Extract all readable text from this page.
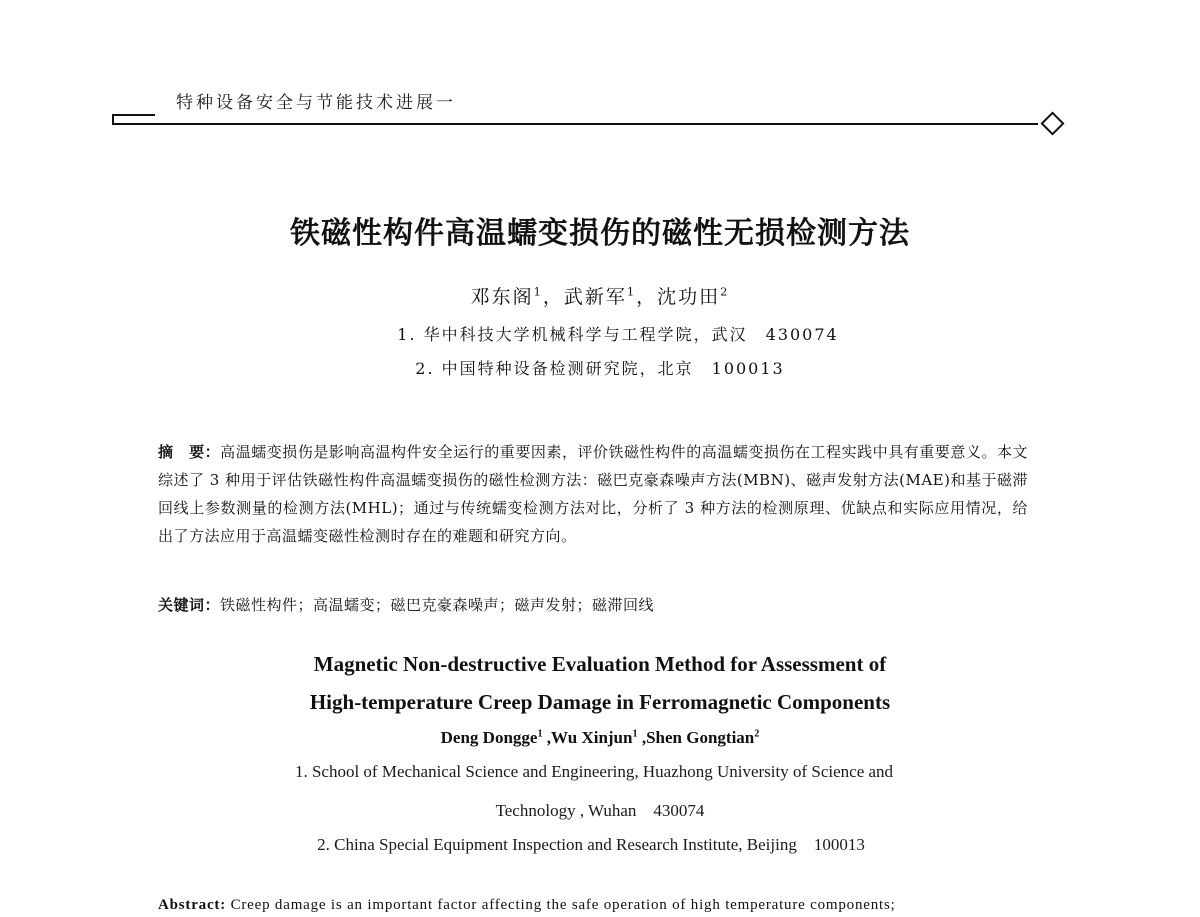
特种设备安全与节能技术进展一
铁磁性构件高温蠕变损伤的磁性无损检测方法
邓东阁$^1$，武新军$^1$，沈功田$^2$
1. 华中科技大学机械科学与工程学院，武汉　430074
2. 中国特种设备检测研究院，北京　100013
摘　要：高温蠕变损伤是影响高温构件安全运行的重要因素，评价铁磁性构件的高温蠕变损伤在工程实践中具有重要意义。本文综述了 3 种用于评估铁磁性构件高温蠕变损伤的磁性检测方法：磁巴克豪森噪声方法(MBN)、磁声发射方法(MAE)和基于磁滞回线上参数测量的检测方法(MHL)；通过与传统蠕变检测方法对比，分析了 3 种方法的检测原理、优缺点和实际应用情况，给出了方法应用于高温蠕变磁性检测时存在的难题和研究方向。
关键词：铁磁性构件；高温蠕变；磁巴克豪森噪声；磁声发射；磁滞回线
Magnetic Non-destructive Evaluation Method for Assessment of
High-temperature Creep Damage in Ferromagnetic Components
Deng Dongge$^1$ ,Wu Xinjun$^1$ ,Shen Gongtian$^2$
1. School of Mechanical Science and Engineering, Huazhong University of Science and
Technology , Wuhan　430074
2. China Special Equipment Inspection and Research Institute, Beijing　100013
Abstract: Creep damage is an important factor affecting the safe operation of high temperature components;
